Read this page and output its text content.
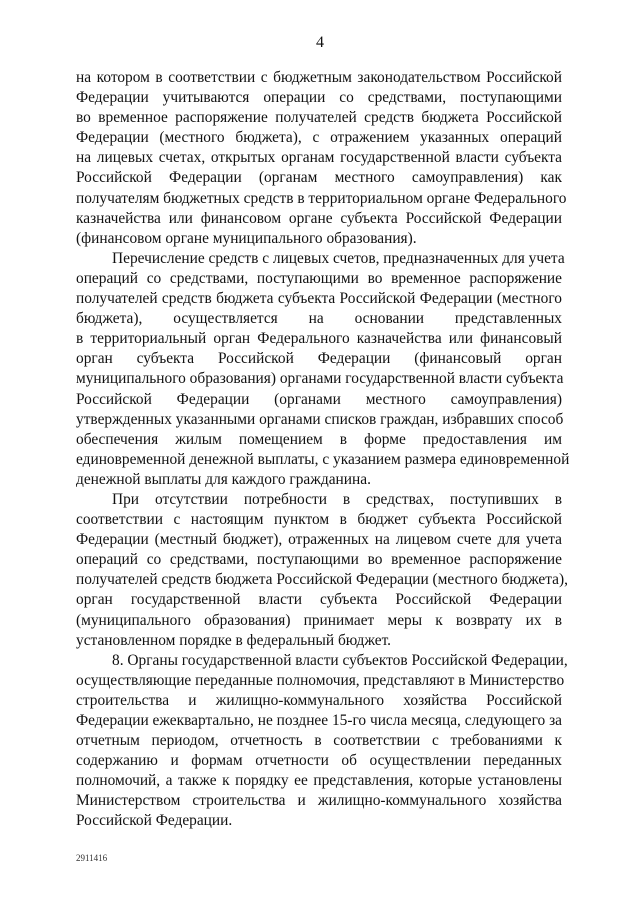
4
на котором в соответствии с бюджетным законодательством Российской
Федерации учитываются операции со средствами, поступающими
во временное распоряжение получателей средств бюджета Российской
Федерации (местного бюджета), с отражением указанных операций
на лицевых счетах, открытых органам государственной власти субъекта
Российской Федерации (органам местного самоуправления) как
получателям бюджетных средств в территориальном органе Федерального
казначейства или финансовом органе субъекта Российской Федерации
(финансовом органе муниципального образования).
Перечисление средств с лицевых счетов, предназначенных для учета
операций со средствами, поступающими во временное распоряжение
получателей средств бюджета субъекта Российской Федерации (местного
бюджета), осуществляется на основании представленных
в территориальный орган Федерального казначейства или финансовый
орган субъекта Российской Федерации (финансовый орган
муниципального образования) органами государственной власти субъекта
Российской Федерации (органами местного самоуправления)
утвержденных указанными органами списков граждан, избравших способ
обеспечения жилым помещением в форме предоставления им
единовременной денежной выплаты, с указанием размера единовременной
денежной выплаты для каждого гражданина.
При отсутствии потребности в средствах, поступивших в
соответствии с настоящим пунктом в бюджет субъекта Российской
Федерации (местный бюджет), отраженных на лицевом счете для учета
операций со средствами, поступающими во временное распоряжение
получателей средств бюджета Российской Федерации (местного бюджета),
орган государственной власти субъекта Российской Федерации
(муниципального образования) принимает меры к возврату их в
установленном порядке в федеральный бюджет.
8. Органы государственной власти субъектов Российской Федерации,
осуществляющие переданные полномочия, представляют в Министерство
строительства и жилищно-коммунального хозяйства Российской
Федерации ежеквартально, не позднее 15-го числа месяца, следующего за
отчетным периодом, отчетность в соответствии с требованиями к
содержанию и формам отчетности об осуществлении переданных
полномочий, а также к порядку ее представления, которые установлены
Министерством строительства и жилищно-коммунального хозяйства
Российской Федерации.
2911416
